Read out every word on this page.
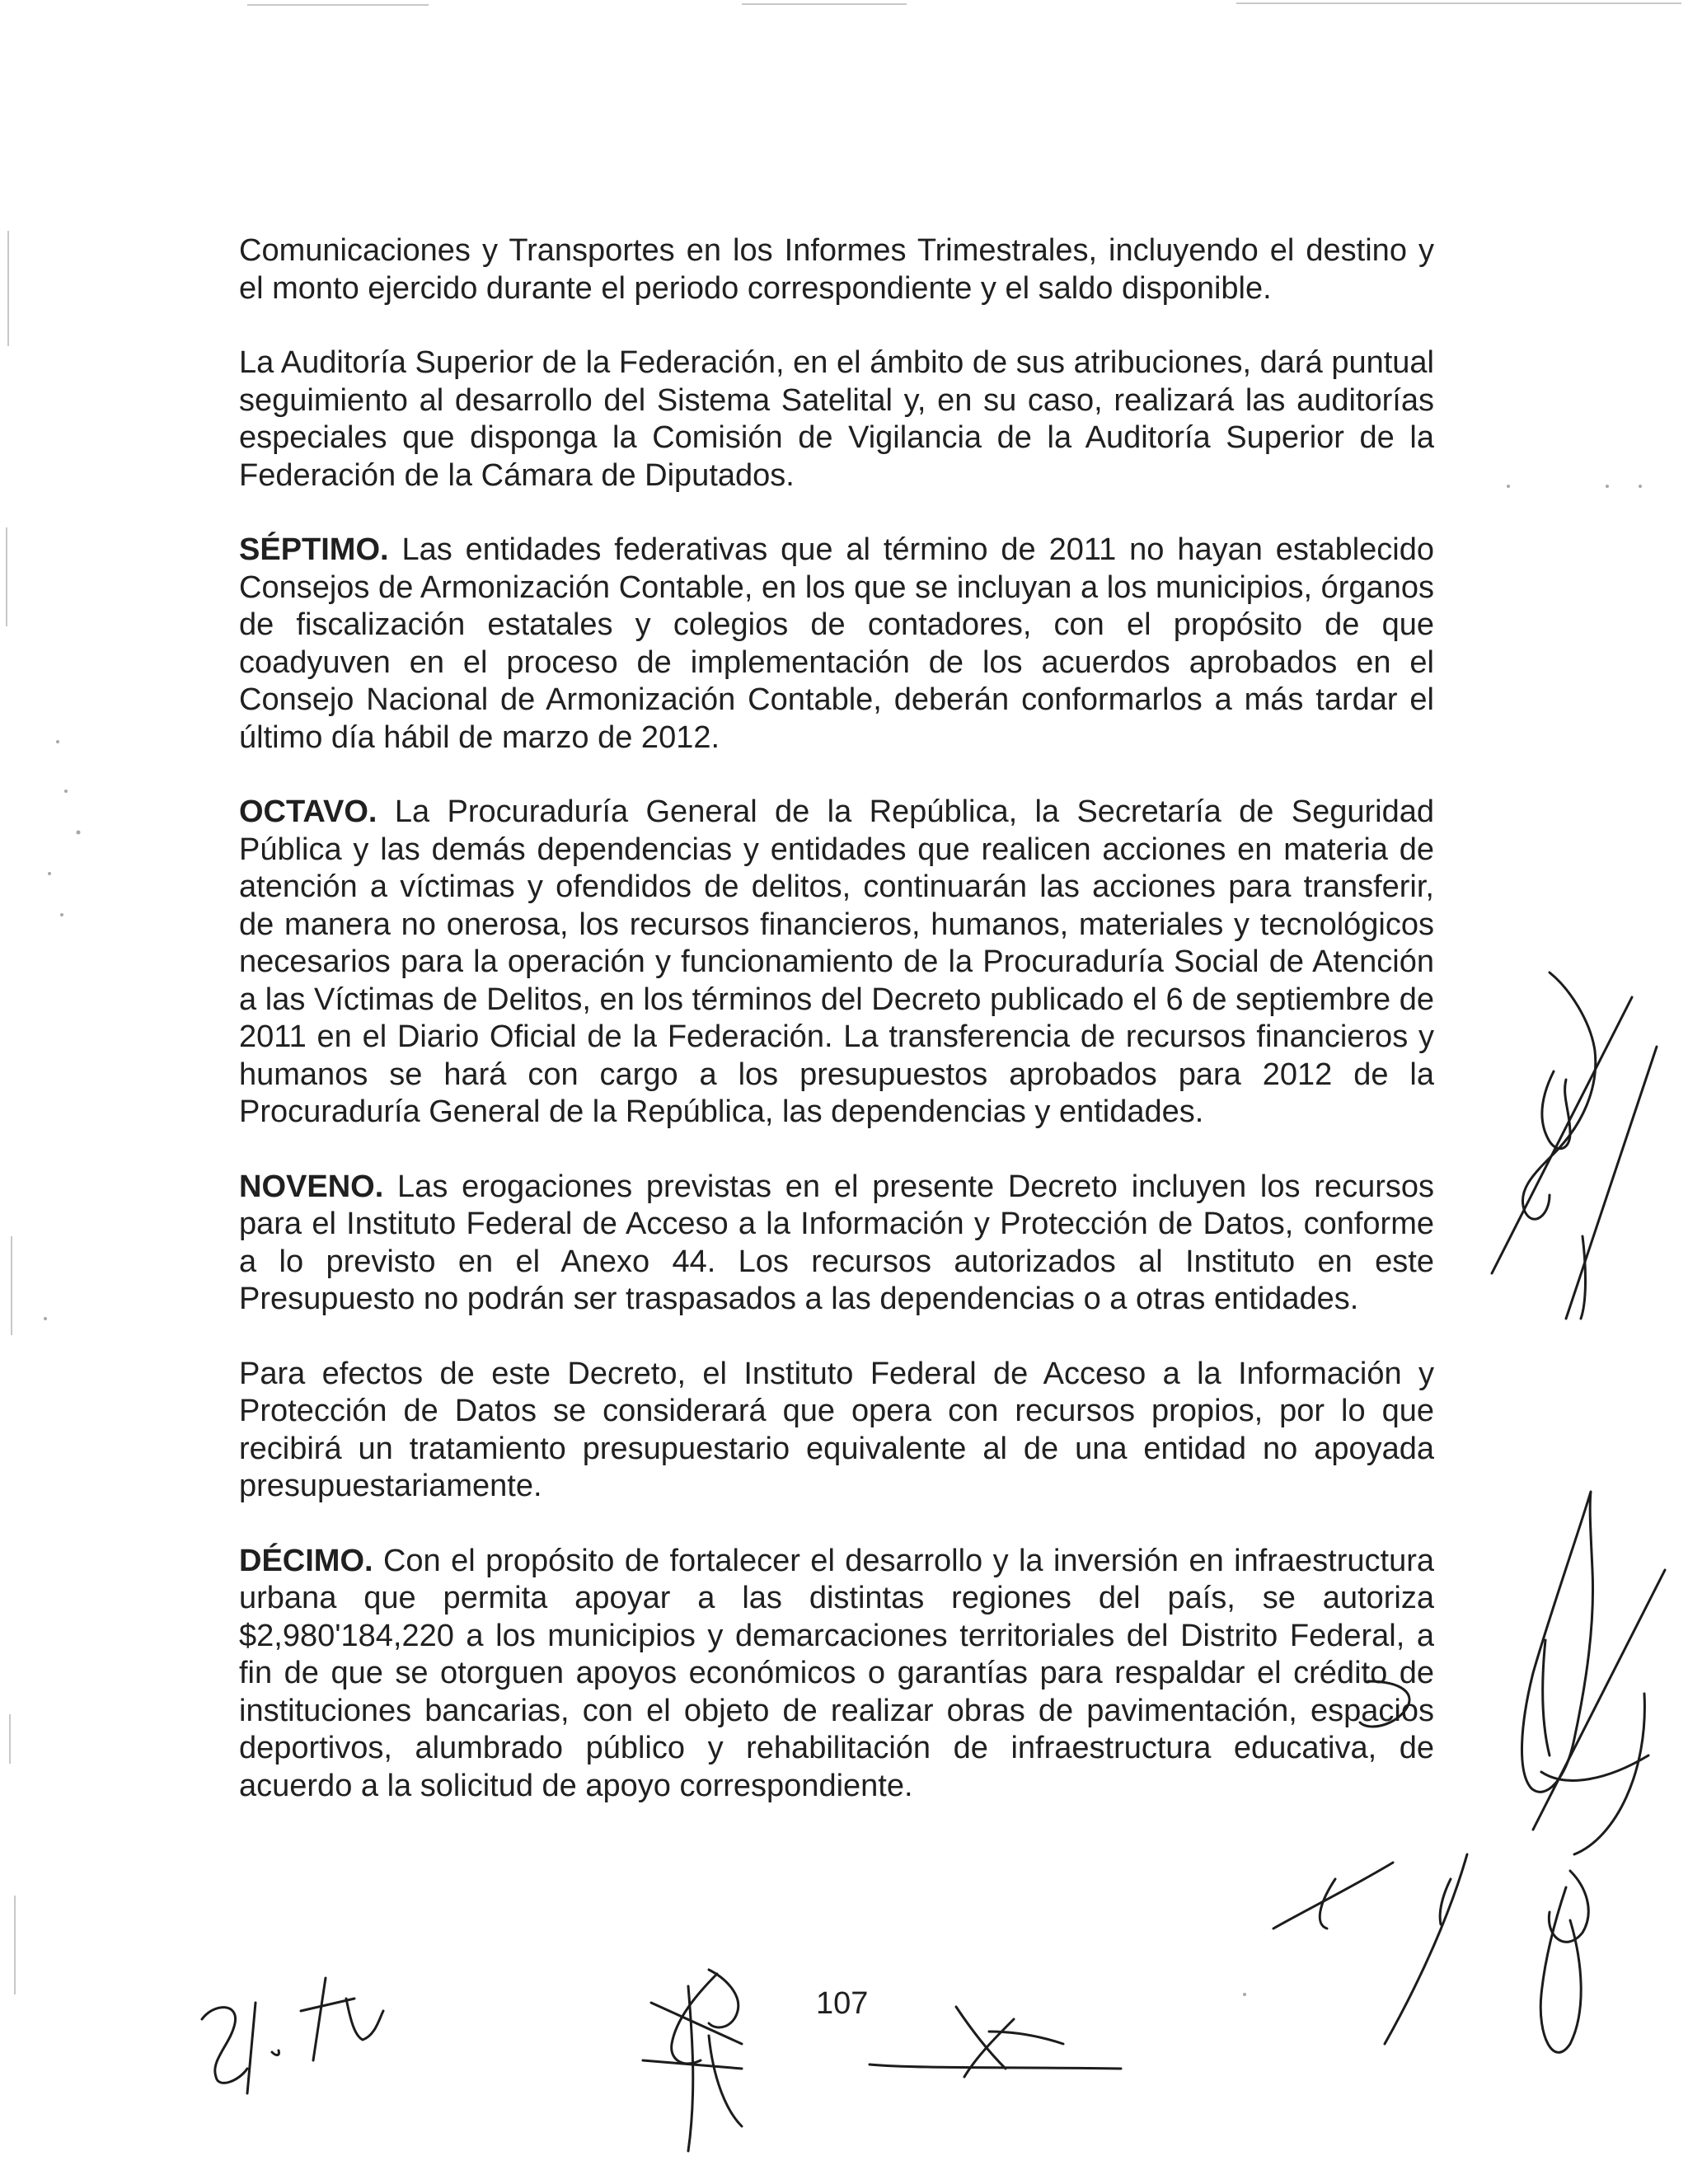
Comunicaciones y Transportes en los Informes Trimestrales, incluyendo el destino y el monto ejercido durante el periodo correspondiente y el saldo disponible.

La Auditoría Superior de la Federación, en el ámbito de sus atribuciones, dará puntual seguimiento al desarrollo del Sistema Satelital y, en su caso, realizará las auditorías especiales que disponga la Comisión de Vigilancia de la Auditoría Superior de la Federación de la Cámara de Diputados.

SÉPTIMO. Las entidades federativas que al término de 2011 no hayan establecido Consejos de Armonización Contable, en los que se incluyan a los municipios, órganos de fiscalización estatales y colegios de contadores, con el propósito de que coadyuven en el proceso de implementación de los acuerdos aprobados en el Consejo Nacional de Armonización Contable, deberán conformarlos a más tardar el último día hábil de marzo de 2012.

OCTAVO. La Procuraduría General de la República, la Secretaría de Seguridad Pública y las demás dependencias y entidades que realicen acciones en materia de atención a víctimas y ofendidos de delitos, continuarán las acciones para transferir, de manera no onerosa, los recursos financieros, humanos, materiales y tecnológicos necesarios para la operación y funcionamiento de la Procuraduría Social de Atención a las Víctimas de Delitos, en los términos del Decreto publicado el 6 de septiembre de 2011 en el Diario Oficial de la Federación. La transferencia de recursos financieros y humanos se hará con cargo a los presupuestos aprobados para 2012 de la Procuraduría General de la República, las dependencias y entidades.

NOVENO. Las erogaciones previstas en el presente Decreto incluyen los recursos para el Instituto Federal de Acceso a la Información y Protección de Datos, conforme a lo previsto en el Anexo 44. Los recursos autorizados al Instituto en este Presupuesto no podrán ser traspasados a las dependencias o a otras entidades.

Para efectos de este Decreto, el Instituto Federal de Acceso a la Información y Protección de Datos se considerará que opera con recursos propios, por lo que recibirá un tratamiento presupuestario equivalente al de una entidad no apoyada presupuestariamente.

DÉCIMO. Con el propósito de fortalecer el desarrollo y la inversión en infraestructura urbana que permita apoyar a las distintas regiones del país, se autoriza $2,980'184,220 a los municipios y demarcaciones territoriales del Distrito Federal, a fin de que se otorguen apoyos económicos o garantías para respaldar el crédito de instituciones bancarias, con el objeto de realizar obras de pavimentación, espacios deportivos, alumbrado público y rehabilitación de infraestructura educativa, de acuerdo a la solicitud de apoyo correspondiente.

107
